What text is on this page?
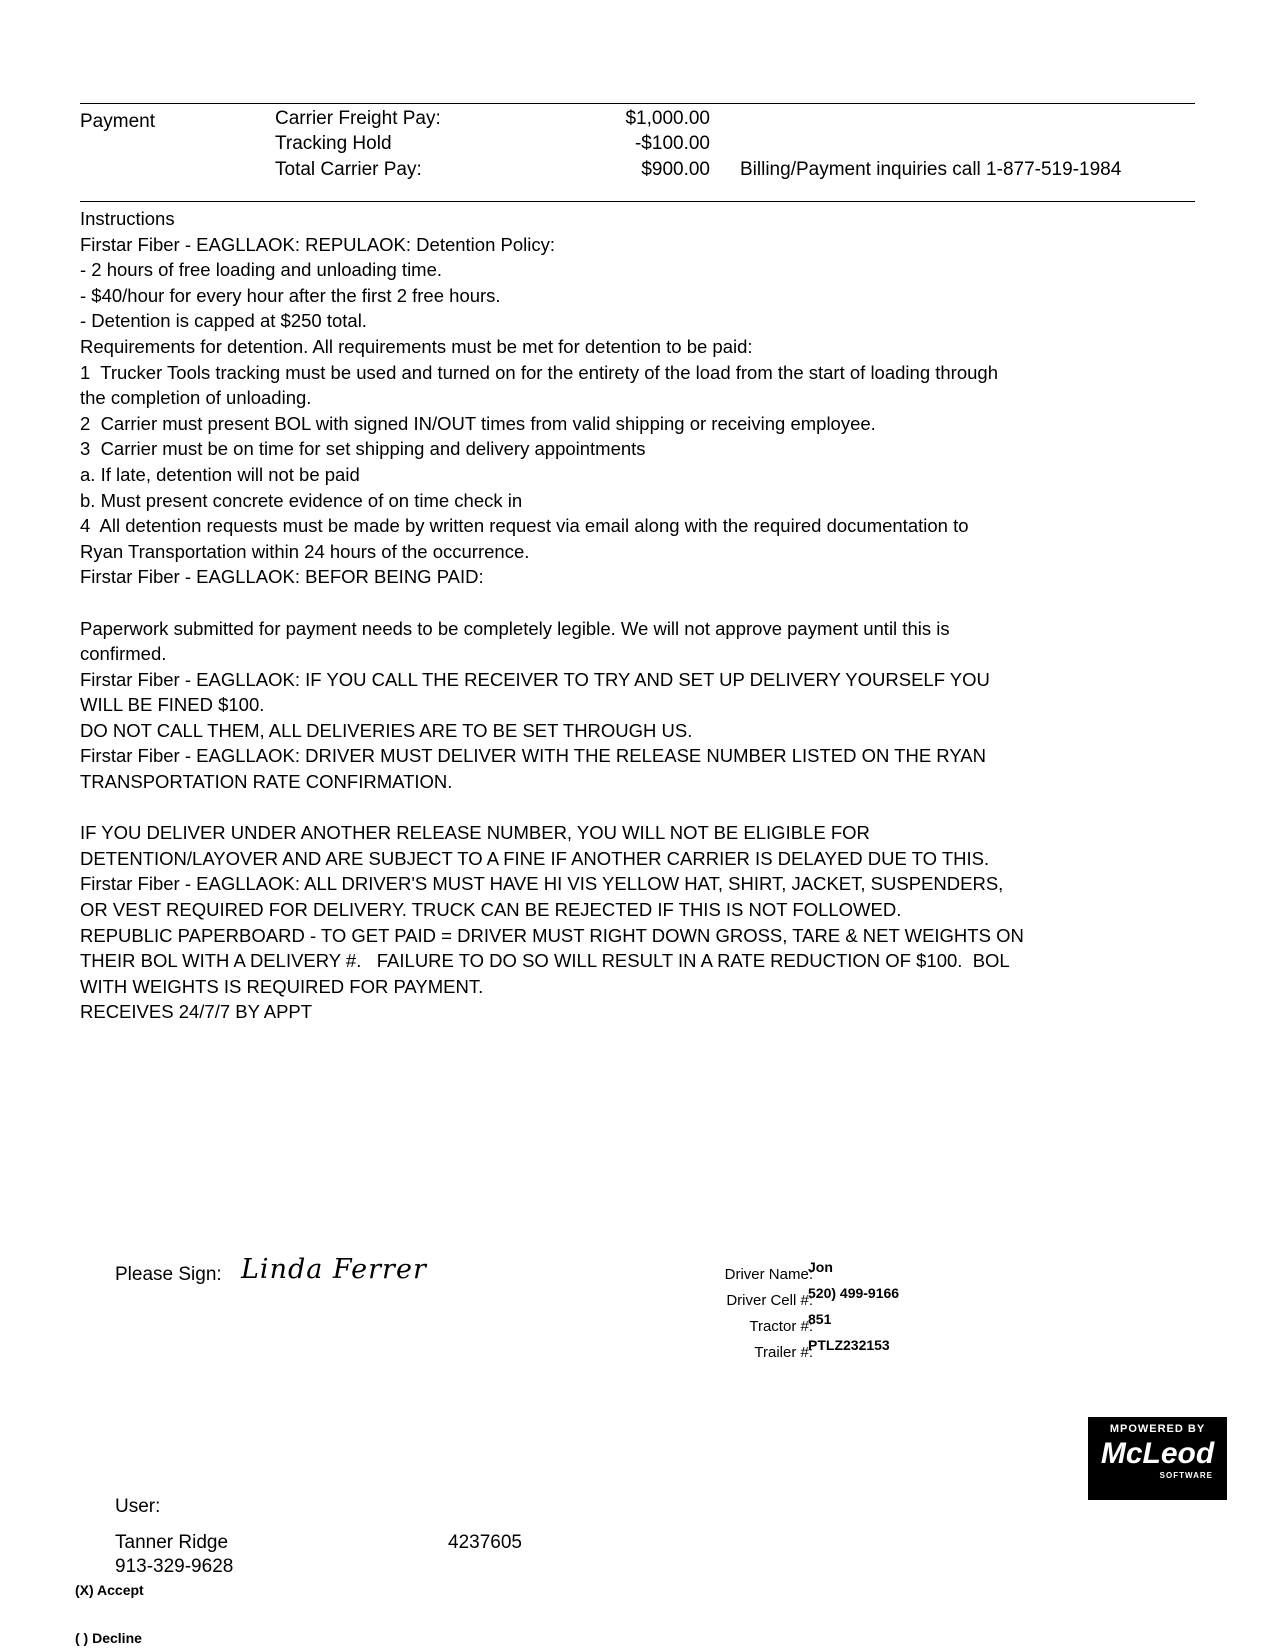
Payment	Carrier Freight Pay:	$1,000.00
Tracking Hold	-$100.00
Total Carrier Pay:	$900.00 Billing/Payment inquiries call 1-877-519-1984
Instructions
Firstar Fiber - EAGLLAOK: REPULAOK: Detention Policy:
- 2 hours of free loading and unloading time.
- $40/hour for every hour after the first 2 free hours.
- Detention is capped at $250 total.
Requirements for detention. All requirements must be met for detention to be paid:
1  Trucker Tools tracking must be used and turned on for the entirety of the load from the start of loading through
the completion of unloading.
2  Carrier must present BOL with signed IN/OUT times from valid shipping or receiving employee.
3  Carrier must be on time for set shipping and delivery appointments
a. If late, detention will not be paid
b. Must present concrete evidence of on time check in
4  All detention requests must be made by written request via email along with the required documentation to
Ryan Transportation within 24 hours of the occurrence.
Firstar Fiber - EAGLLAOK: BEFOR BEING PAID:
Paperwork submitted for payment needs to be completely legible. We will not approve payment until this is
confirmed.
Firstar Fiber - EAGLLAOK: IF YOU CALL THE RECEIVER TO TRY AND SET UP DELIVERY YOURSELF YOU
WILL BE FINED $100.
DO NOT CALL THEM, ALL DELIVERIES ARE TO BE SET THROUGH US.
Firstar Fiber - EAGLLAOK: DRIVER MUST DELIVER WITH THE RELEASE NUMBER LISTED ON THE RYAN
TRANSPORTATION RATE CONFIRMATION.
IF YOU DELIVER UNDER ANOTHER RELEASE NUMBER, YOU WILL NOT BE ELIGIBLE FOR
DETENTION/LAYOVER AND ARE SUBJECT TO A FINE IF ANOTHER CARRIER IS DELAYED DUE TO THIS.
Firstar Fiber - EAGLLAOK: ALL DRIVER'S MUST HAVE HI VIS YELLOW HAT, SHIRT, JACKET, SUSPENDERS,
OR VEST REQUIRED FOR DELIVERY. TRUCK CAN BE REJECTED IF THIS IS NOT FOLLOWED.
REPUBLIC PAPERBOARD - TO GET PAID = DRIVER MUST RIGHT DOWN GROSS, TARE & NET WEIGHTS ON
THEIR BOL WITH A DELIVERY #.   FAILURE TO DO SO WILL RESULT IN A RATE REDUCTION OF $100.  BOL
WITH WEIGHTS IS REQUIRED FOR PAYMENT.
RECEIVES 24/7/7 BY APPT
Please Sign: Linda Ferrer	Driver Name:
Jon
Driver Cell #:
520) 499-9166
Tractor #:
851
Trailer #:
PTLZ232153
MPOWERED BY
McLeod
SOFTWARE
User:
Tanner Ridge	4237605
913-329-9628
(X) Accept
( ) Decline
